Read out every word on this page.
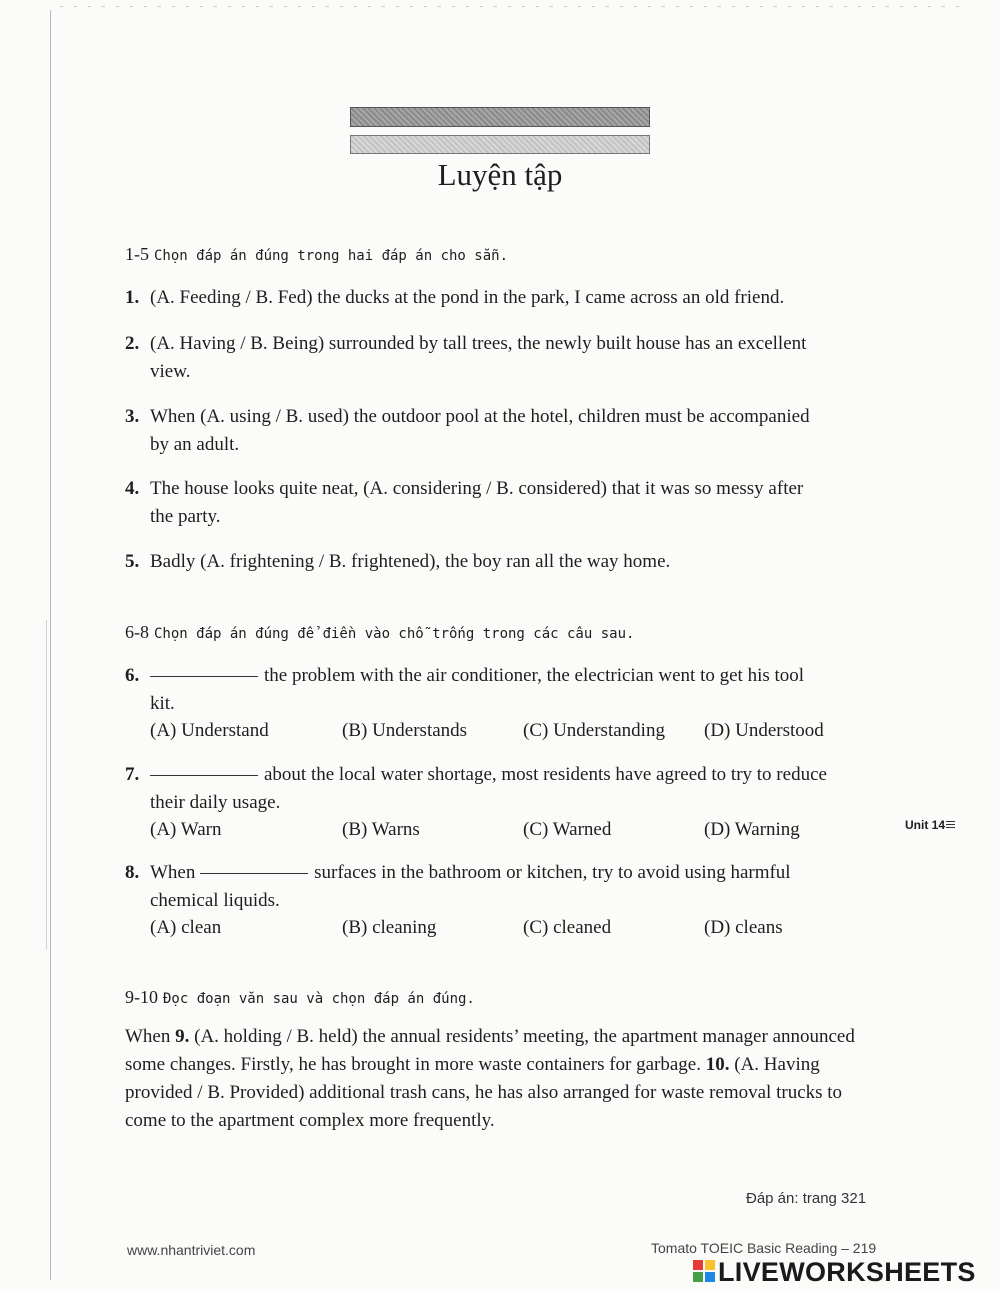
Luyện tập
1-5 Chọn đáp án đúng trong hai đáp án cho sẵn.
1. (A. Feeding / B. Fed) the ducks at the pond in the park, I came across an old friend.
2. (A. Having / B. Being) surrounded by tall trees, the newly built house has an excellent
view.
3. When (A. using / B. used) the outdoor pool at the hotel, children must be accompanied
by an adult.
4. The house looks quite neat, (A. considering / B. considered) that it was so messy after
the party.
5. Badly (A. frightening / B. frightened), the boy ran all the way home.
6-8 Chọn đáp án đúng để điền vào chỗ trống trong các câu sau.
6.	the problem with the air conditioner, the electrician went to get his tool
kit.
(A) Understand	(B) Understands	(C) Understanding (D) Understood
7.	about the local water shortage, most residents have agreed to try to reduce
their daily usage.
(A) Warn	(B) Warns	(C) Warned	(D) Warning	Unit 14
8. When	surfaces in the bathroom or kitchen, try to avoid using harmful
chemical liquids.
(A) clean	(B) cleaning	(C) cleaned	(D) cleans
9-10 Đọc đoạn văn sau và chọn đáp án đúng.
When 9. (A. holding / B. held) the annual residents’ meeting, the apartment manager announced some changes. Firstly, he has brought in more waste containers for garbage. 10. (A. Having provided / B. Provided) additional trash cans, he has also arranged for waste removal trucks to come to the apartment complex more frequently.
Đáp án: trang 321
www.nhantriviet.com	Tomato TOEIC Basic Reading – 219
LIVEWORKSHEETS
